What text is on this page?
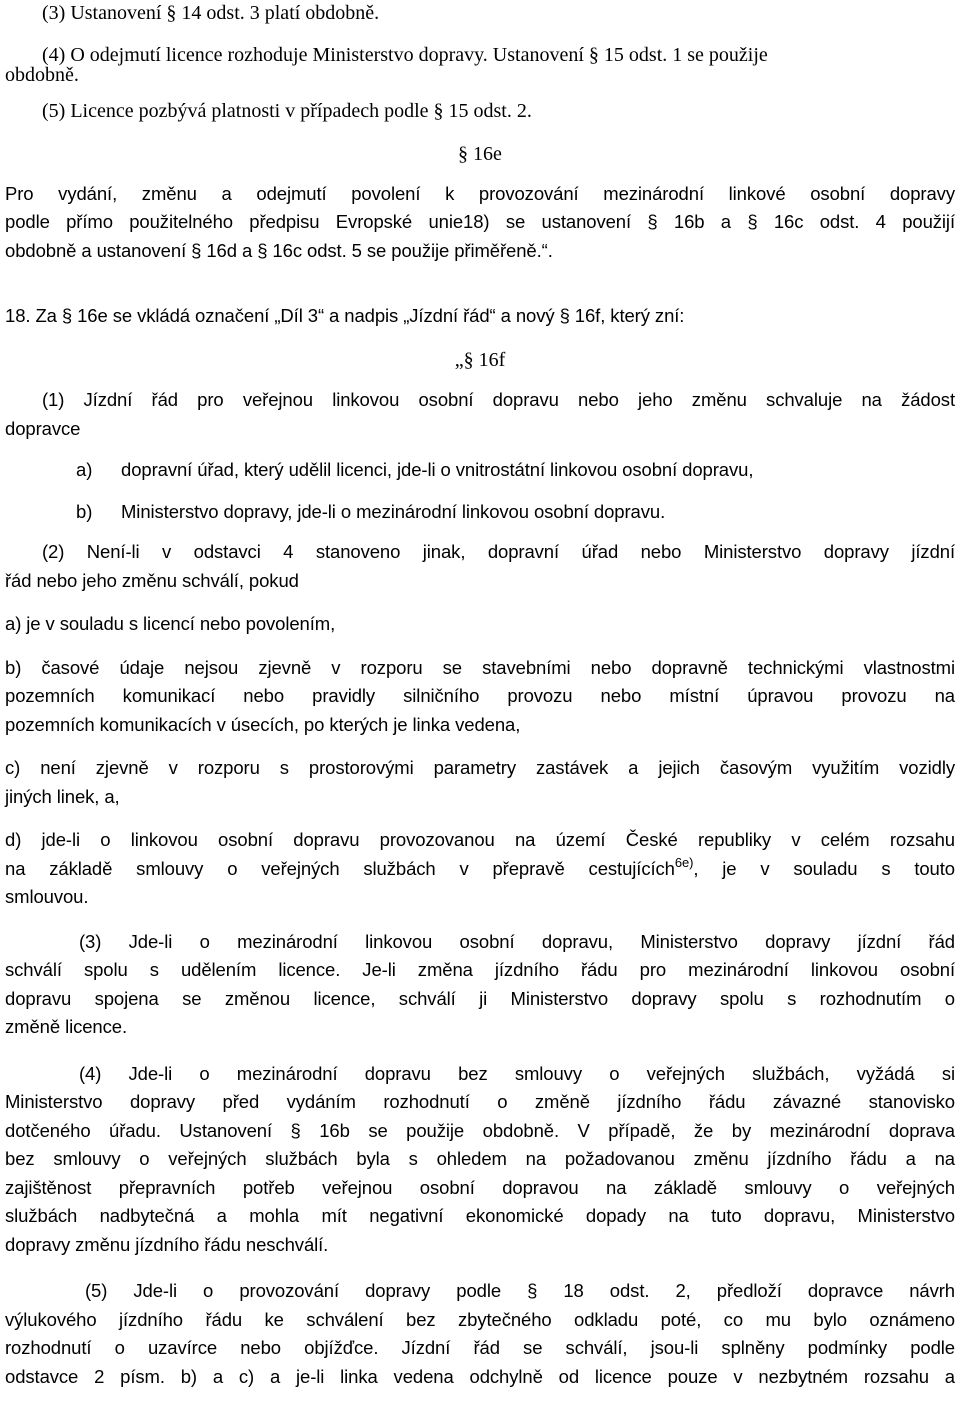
(3) Ustanovení § 14 odst. 3 platí obdobně.

(4) O odejmutí licence rozhoduje Ministerstvo dopravy. Ustanovení § 15 odst. 1 se použije

obdobně.

(5) Licence pozbývá platnosti v případech podle § 15 odst. 2.

§ 16e

Pro vydání, změnu a odejmutí povolení k provozování mezinárodní linkové osobní dopravy

podle přímo použitelného předpisu Evropské unie18) se ustanovení § 16b a § 16c odst. 4 použijí

obdobně a ustanovení § 16d a § 16c odst. 5 se použije přiměřeně.“.

18. Za § 16e se vkládá označení „Díl 3“ a nadpis „Jízdní řád“ a nový § 16f, který zní:

„§ 16f

(1) Jízdní řád pro veřejnou linkovou osobní dopravu nebo jeho změnu schvaluje na žádost

dopravce

a)	dopravní úřad, který udělil licenci, jde-li o vnitrostátní linkovou osobní dopravu,
b)	Ministerstvo dopravy, jde-li o mezinárodní linkovou osobní dopravu.

(2) Není-li v odstavci 4 stanoveno jinak, dopravní úřad nebo Ministerstvo dopravy jízdní

řád nebo jeho změnu schválí, pokud

a) je v souladu s licencí nebo povolením,

b) časové údaje nejsou zjevně v rozporu se stavebními nebo dopravně technickými vlastnostmi

pozemních komunikací nebo pravidly silničního provozu nebo místní úpravou provozu na

pozemních komunikacích v úsecích, po kterých je linka vedena,

c) není zjevně v rozporu s prostorovými parametry zastávek a jejich časovým využitím vozidly

jiných linek, a,

d) jde-li o linkovou osobní dopravu provozovanou na území České republiky v celém rozsahu

na základě smlouvy o veřejných službách v přepravě cestujících$^{6e)}$, je v souladu s touto

smlouvou.

(3) Jde-li o mezinárodní linkovou osobní dopravu, Ministerstvo dopravy jízdní řád

schválí spolu s udělením licence. Je-li změna jízdního řádu pro mezinárodní linkovou osobní

dopravu spojena se změnou licence, schválí ji Ministerstvo dopravy spolu s rozhodnutím o

změně licence.

(4) Jde-li o mezinárodní dopravu bez smlouvy o veřejných službách, vyžádá si

Ministerstvo dopravy před vydáním rozhodnutí o změně jízdního řádu závazné stanovisko

dotčeného úřadu. Ustanovení § 16b se použije obdobně. V případě, že by mezinárodní doprava

bez smlouvy o veřejných službách byla s ohledem na požadovanou změnu jízdního řádu a na

zajištěnost přepravních potřeb veřejnou osobní dopravou na základě smlouvy o veřejných

službách nadbytečná a mohla mít negativní ekonomické dopady na tuto dopravu, Ministerstvo

dopravy změnu jízdního řádu neschválí.

(5) Jde-li o provozování dopravy podle § 18 odst. 2, předloží dopravce návrh

výlukového jízdního řádu ke schválení bez zbytečného odkladu poté, co mu bylo oznámeno

rozhodnutí o uzavírce nebo objížďce. Jízdní řád se schválí, jsou-li splněny podmínky podle

odstavce 2 písm. b) a c) a je-li linka vedena odchylně od licence pouze v nezbytném rozsahu a
